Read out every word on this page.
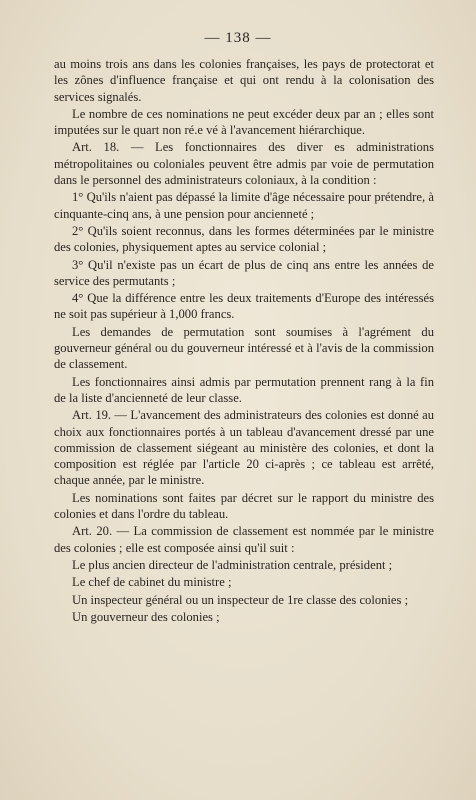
— 138 —

au moins trois ans dans les colonies françaises, les pays de protectorat et les zônes d'influence française et qui ont rendu à la colonisation des services signalés.

Le nombre de ces nominations ne peut excéder deux par an ; elles sont imputées sur le quart non ré.e vé à l'avancement hiérarchique.

Art. 18. — Les fonctionnaires des diver es administrations métropolitaines ou coloniales peuvent être admis par voie de permutation dans le personnel des administrateurs coloniaux, à la condition :

1° Qu'ils n'aient pas dépassé la limite d'âge nécessaire pour prétendre, à cinquante-cinq ans, à une pension pour ancienneté ;

2° Qu'ils soient reconnus, dans les formes déterminées par le ministre des colonies, physiquement aptes au service colonial ;

3° Qu'il n'existe pas un écart de plus de cinq ans entre les années de service des permutants ;

4° Que la différence entre les deux traitements d'Europe des intéressés ne soit pas supérieur à 1,000 francs.

Les demandes de permutation sont soumises à l'agrément du gouverneur général ou du gouverneur intéressé et à l'avis de la commission de classement.

Les fonctionnaires ainsi admis par permutation prennent rang à la fin de la liste d'ancienneté de leur classe.

Art. 19. — L'avancement des administrateurs des colonies est donné au choix aux fonctionnaires portés à un tableau d'avancement dressé par une commission de classement siégeant au ministère des colonies, et dont la composition est réglée par l'article 20 ci-après ; ce tableau est arrêté, chaque année, par le ministre.

Les nominations sont faites par décret sur le rapport du ministre des colonies et dans l'ordre du tableau.

Art. 20. — La commission de classement est nommée par le ministre des colonies ; elle est composée ainsi qu'il suit :

Le plus ancien directeur de l'administration centrale, président ;

Le chef de cabinet du ministre ;

Un inspecteur général ou un inspecteur de 1re classe des colonies ;

Un gouverneur des colonies ;
